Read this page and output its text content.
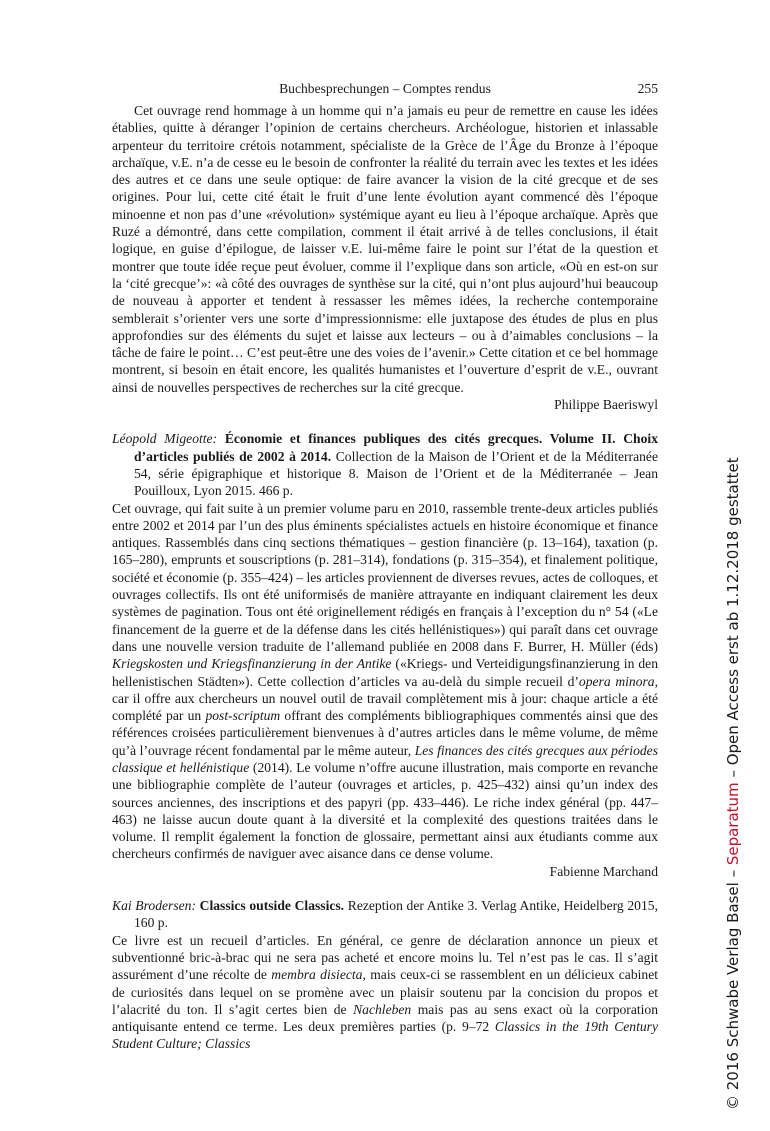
Buchbesprechungen – Comptes rendus	255

Cet ouvrage rend hommage à un homme qui n’a jamais eu peur de remettre en cause les idées établies, quitte à déranger l’opinion de certains chercheurs. Archéologue, historien et inlassable arpenteur du territoire crétois notamment, spécialiste de la Grèce de l’Âge du Bronze à l’époque archaïque, v.E. n’a de cesse eu le besoin de confronter la réalité du terrain avec les textes et les idées des autres et ce dans une seule optique: de faire avancer la vision de la cité grecque et de ses origines. Pour lui, cette cité était le fruit d’une lente évolution ayant commencé dès l’époque minoenne et non pas d’une «révolution» systémique ayant eu lieu à l’époque archaïque. Après que Ruzé a démontré, dans cette compilation, comment il était arrivé à de telles conclusions, il était logique, en guise d’épilogue, de laisser v.E. lui-même faire le point sur l’état de la question et montrer que toute idée reçue peut évoluer, comme il l’explique dans son article, «Où en est-on sur la ‘cité grecque’»: «à côté des ouvrages de synthèse sur la cité, qui n’ont plus aujourd’hui beaucoup de nouveau à apporter et tendent à ressasser les mêmes idées, la recherche contemporaine semblerait s’orienter vers une sorte d’impressionnisme: elle juxtapose des études de plus en plus approfondies sur des éléments du sujet et laisse aux lecteurs – ou à d’aimables conclusions – la tâche de faire le point… C’est peut-être une des voies de l’avenir.» Cette citation et ce bel hommage montrent, si besoin en était encore, les qualités humanistes et l’ouverture d’esprit de v.E., ouvrant ainsi de nouvelles perspectives de recherches sur la cité grecque.

Philippe Baeriswyl

Léopold Migeotte: Économie et finances publiques des cités grecques. Volume II. Choix d’articles publiés de 2002 à 2014. Collection de la Maison de l’Orient et de la Méditerranée 54, série épigraphique et historique 8. Maison de l’Orient et de la Méditerranée – Jean Pouilloux, Lyon 2015. 466 p.

Cet ouvrage, qui fait suite à un premier volume paru en 2010, rassemble trente-deux articles publiés entre 2002 et 2014 par l’un des plus éminents spécialistes actuels en histoire économique et finance antiques. Rassemblés dans cinq sections thématiques – gestion financière (p. 13–164), taxation (p. 165–280), emprunts et souscriptions (p. 281–314), fondations (p. 315–354), et finalement politique, société et économie (p. 355–424) – les articles proviennent de diverses revues, actes de colloques, et ouvrages collectifs. Ils ont été uniformisés de manière attrayante en indiquant clairement les deux systèmes de pagination. Tous ont été originellement rédigés en français à l’exception du n° 54 («Le financement de la guerre et de la défense dans les cités hellénistiques») qui paraît dans cet ouvrage dans une nouvelle version traduite de l’allemand publiée en 2008 dans F. Burrer, H. Müller (éds) Kriegskosten und Kriegsfinanzierung in der Antike («Kriegs- und Verteidigungsfinanzierung in den hellenistischen Städten»). Cette collection d’articles va au-delà du simple recueil d’opera minora, car il offre aux chercheurs un nouvel outil de travail complètement mis à jour: chaque article a été complété par un post-scriptum offrant des compléments bibliographiques commentés ainsi que des références croisées particulièrement bienvenues à d’autres articles dans le même volume, de même qu’à l’ouvrage récent fondamental par le même auteur, Les finances des cités grecques aux périodes classique et hellénistique (2014). Le volume n’offre aucune illustration, mais comporte en revanche une bibliographie complète de l’auteur (ouvrages et articles, p. 425–432) ainsi qu’un index des sources anciennes, des inscriptions et des papyri (pp. 433–446). Le riche index général (pp. 447–463) ne laisse aucun doute quant à la diversité et la complexité des questions traitées dans le volume. Il remplit également la fonction de glossaire, permettant ainsi aux étudiants comme aux chercheurs confirmés de naviguer avec aisance dans ce dense volume.

Fabienne Marchand

Kai Brodersen: Classics outside Classics. Rezeption der Antike 3. Verlag Antike, Heidelberg 2015, 160 p.

Ce livre est un recueil d’articles. En général, ce genre de déclaration annonce un pieux et subventionné bric-à-brac qui ne sera pas acheté et encore moins lu. Tel n’est pas le cas. Il s’agit assurément d’une récolte de membra disiecta, mais ceux-ci se rassemblent en un délicieux cabinet de curiosités dans lequel on se promène avec un plaisir soutenu par la concision du propos et l’alacrité du ton. Il s’agit certes bien de Nachleben mais pas au sens exact où la corporation antiquisante entend ce terme. Les deux premières parties (p. 9–72 Classics in the 19th Century Student Culture; Classics	© 2016 Schwabe Verlag Basel – Separatum – Open Access erst ab 1.12.2018 gestattet
